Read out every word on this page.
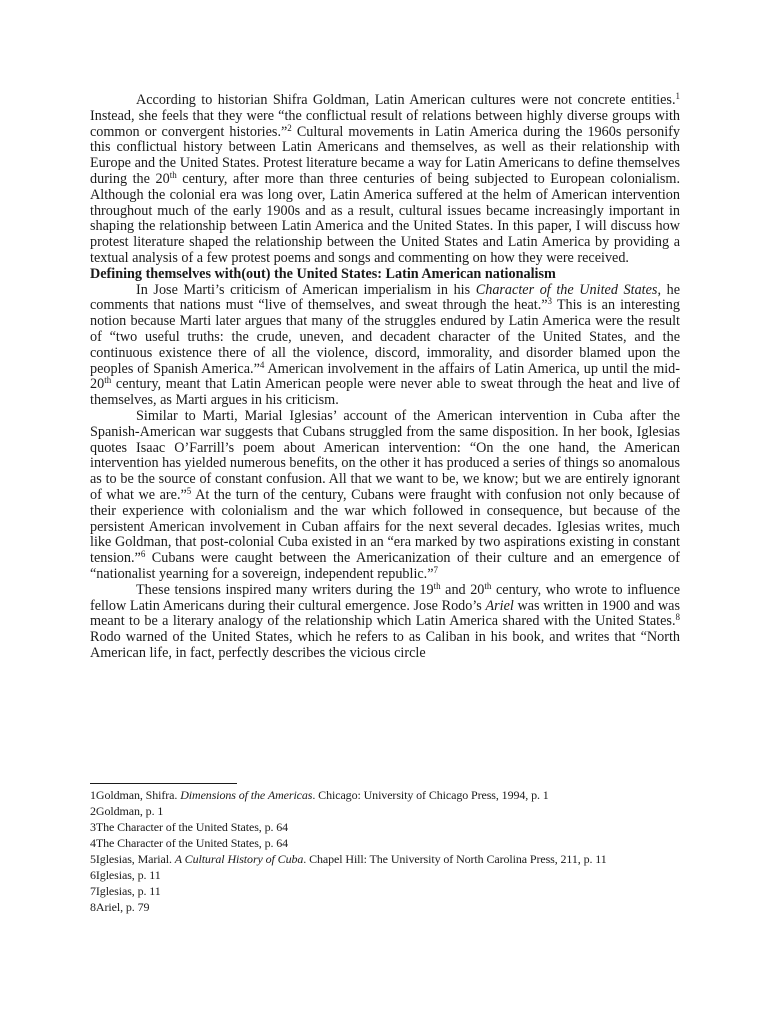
According to historian Shifra Goldman, Latin American cultures were not concrete entities.$^1$ Instead, she feels that they were “the conflictual result of relations between highly diverse groups with common or convergent histories.”$^2$ Cultural movements in Latin America during the 1960s personify this conflictual history between Latin Americans and themselves, as well as their relationship with Europe and the United States. Protest literature became a way for Latin Americans to define themselves during the 20th century, after more than three centuries of being subjected to European colonialism. Although the colonial era was long over, Latin America suffered at the helm of American intervention throughout much of the early 1900s and as a result, cultural issues became increasingly important in shaping the relationship between Latin America and the United States. In this paper, I will discuss how protest literature shaped the relationship between the United States and Latin America by providing a textual analysis of a few protest poems and songs and commenting on how they were received.

Defining themselves with(out) the United States: Latin American nationalism

In Jose Marti’s criticism of American imperialism in his Character of the United States, he comments that nations must “live of themselves, and sweat through the heat.”$^3$ This is an interesting notion because Marti later argues that many of the struggles endured by Latin America were the result of “two useful truths: the crude, uneven, and decadent character of the United States, and the continuous existence there of all the violence, discord, immorality, and disorder blamed upon the peoples of Spanish America.”$^4$ American involvement in the affairs of Latin America, up until the mid-20th century, meant that Latin American people were never able to sweat through the heat and live of themselves, as Marti argues in his criticism.

Similar to Marti, Marial Iglesias’ account of the American intervention in Cuba after the Spanish-American war suggests that Cubans struggled from the same disposition. In her book, Iglesias quotes Isaac O’Farrill’s poem about American intervention: “On the one hand, the American intervention has yielded numerous benefits, on the other it has produced a series of things so anomalous as to be the source of constant confusion. All that we want to be, we know; but we are entirely ignorant of what we are.”$^5$ At the turn of the century, Cubans were fraught with confusion not only because of their experience with colonialism and the war which followed in consequence, but because of the persistent American involvement in Cuban affairs for the next several decades. Iglesias writes, much like Goldman, that post-colonial Cuba existed in an “era marked by two aspirations existing in constant tension.”$^6$ Cubans were caught between the Americanization of their culture and an emergence of “nationalist yearning for a sovereign, independent republic.”$^7$

These tensions inspired many writers during the 19th and 20th century, who wrote to influence fellow Latin Americans during their cultural emergence. Jose Rodo’s Ariel was written in 1900 and was meant to be a literary analogy of the relationship which Latin America shared with the United States.$^8$ Rodo warned of the United States, which he refers to as Caliban in his book, and writes that “North American life, in fact, perfectly describes the vicious circle

1Goldman, Shifra. Dimensions of the Americas. Chicago: University of Chicago Press, 1994, p. 1
2Goldman, p. 1
3The Character of the United States, p. 64
4The Character of the United States, p. 64
5Iglesias, Marial. A Cultural History of Cuba. Chapel Hill: The University of North Carolina Press, 211, p. 11
6Iglesias, p. 11
7Iglesias, p. 11
8Ariel, p. 79
